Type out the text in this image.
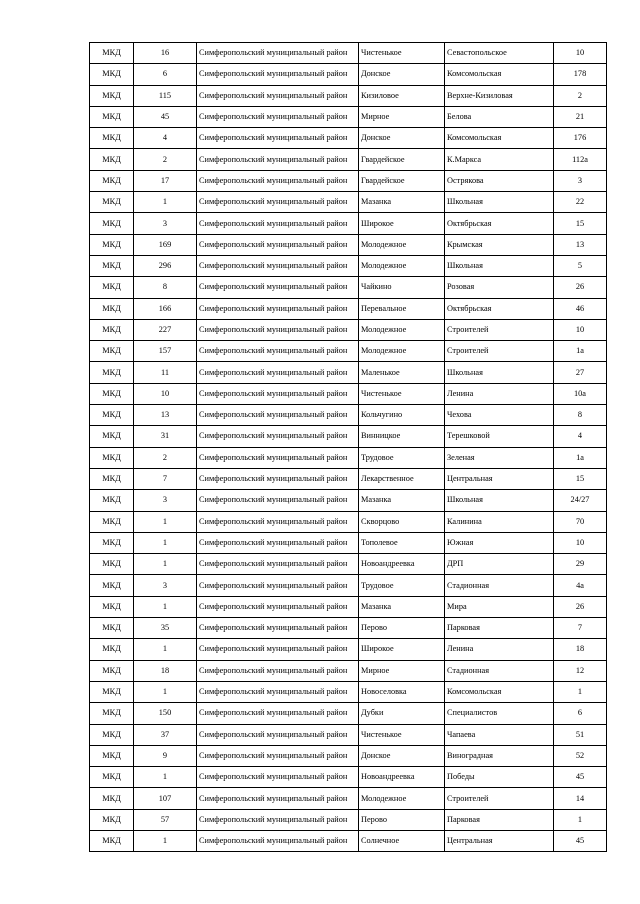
МКД	16	Симферопольский муниципальный район	Чистенькое	Севастопольское	10
МКД	6	Симферопольский муниципальный район	Донское	Комсомольская	178
МКД	115	Симферопольский муниципальный район	Кизиловое	Верхне-Кизиловая	2
МКД	45	Симферопольский муниципальный район	Мирное	Белова	21
МКД	4	Симферопольский муниципальный район	Донское	Комсомольская	176
МКД	2	Симферопольский муниципальный район	Гвардейское	К.Маркса	112а
МКД	17	Симферопольский муниципальный район	Гвардейское	Острякова	3
МКД	1	Симферопольский муниципальный район	Мазанка	Школьная	22
МКД	3	Симферопольский муниципальный район	Широкое	Октябрьская	15
МКД	169	Симферопольский муниципальный район	Молодежное	Крымская	13
МКД	296	Симферопольский муниципальный район	Молодежное	Школьная	5
МКД	8	Симферопольский муниципальный район	Чайкино	Розовая	26
МКД	166	Симферопольский муниципальный район	Перевальное	Октябрьская	46
МКД	227	Симферопольский муниципальный район	Молодежное	Строителей	10
МКД	157	Симферопольский муниципальный район	Молодежное	Строителей	1а
МКД	11	Симферопольский муниципальный район	Маленькое	Школьная	27
МКД	10	Симферопольский муниципальный район	Чистенькое	Ленина	10а
МКД	13	Симферопольский муниципальный район	Кольчугино	Чехова	8
МКД	31	Симферопольский муниципальный район	Винницкое	Терешковой	4
МКД	2	Симферопольский муниципальный район	Трудовое	Зеленая	1а
МКД	7	Симферопольский муниципальный район	Лекарственное	Центральная	15
МКД	3	Симферопольский муниципальный район	Мазанка	Школьная	24/27
МКД	1	Симферопольский муниципальный район	Скворцово	Калинина	70
МКД	1	Симферопольский муниципальный район	Тополевое	Южная	10
МКД	1	Симферопольский муниципальный район	Новоандреевка	ДРП	29
МКД	3	Симферопольский муниципальный район	Трудовое	Стадионная	4а
МКД	1	Симферопольский муниципальный район	Мазанка	Мира	26
МКД	35	Симферопольский муниципальный район	Перово	Парковая	7
МКД	1	Симферопольский муниципальный район	Широкое	Ленина	18
МКД	18	Симферопольский муниципальный район	Мирное	Стадионная	12
МКД	1	Симферопольский муниципальный район	Новоселовка	Комсомольская	1
МКД	150	Симферопольский муниципальный район	Дубки	Специалистов	6
МКД	37	Симферопольский муниципальный район	Чистенькое	Чапаева	51
МКД	9	Симферопольский муниципальный район	Донское	Виноградная	52
МКД	1	Симферопольский муниципальный район	Новоандреевка	Победы	45
МКД	107	Симферопольский муниципальный район	Молодежное	Строителей	14
МКД	57	Симферопольский муниципальный район	Перово	Парковая	1
МКД	1	Симферопольский муниципальный район	Солнечное	Центральная	45
